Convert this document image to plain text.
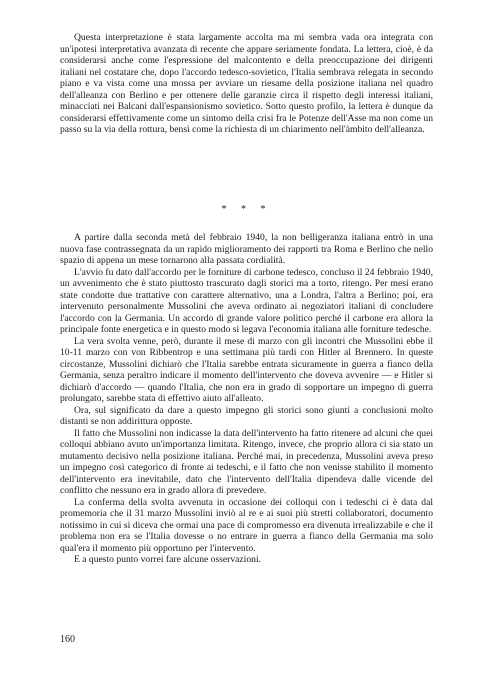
Questa interpretazione è stata largamente accolta ma mi sembra vada ora integrata con un'ipotesi interpretativa avanzata di recente che appare seriamente fondata. La lettera, cioè, è da considerarsi anche come l'espressione del malcontento e della preoccupazione dei dirigenti italiani nel costatare che, dopo l'accordo tedesco-sovietico, l'Italia sembrava relegata in secondo piano e va vista come una mossa per avviare un riesame della posizione italiana nel quadro dell'alleanza con Berlino e per ottenere delle garanzie circa il rispetto degli interessi italiani, minacciati nei Balcani dall'espansionismo sovietico. Sotto questo profilo, la lettera è dunque da considerarsi effettivamente come un sintomo della crisi fra le Potenze dell'Asse ma non come un passo su la via della rottura, bensì come la richiesta di un chiarimento nell'àmbito dell'alleanza.

* * *

A partire dalla seconda metà del febbraio 1940, la non belligeranza italiana entrò in una nuova fase contrassegnata da un rapido miglioramento dei rapporti tra Roma e Berlino che nello spazio di appena un mese tornarono alla passata cordialità.

L'avvio fu dato dall'accordo per le forniture di carbone tedesco, concluso il 24 febbraio 1940, un avvenimento che è stato piuttosto trascurato dagli storici ma a torto, ritengo. Per mesi erano state condotte due trattative con carattere alternativo, una a Londra, l'altra a Berlino; poi, era intervenuto personalmente Mussolini che aveva ordinato ai negoziatori italiani di concludere l'accordo con la Germania. Un accordo di grande valore politico perché il carbone era allora la principale fonte energetica e in questo modo si legava l'economia italiana alle forniture tedesche.

La vera svolta venne, però, durante il mese di marzo con gli incontri che Mussolini ebbe il 10-11 marzo con von Ribbentrop e una settimana più tardi con Hitler al Brennero. In queste circostanze, Mussolini dichiarò che l'Italia sarebbe entrata sicuramente in guerra a fianco della Germania, senza peraltro indicare il momento dell'intervento che doveva avvenire — e Hitler si dichiarò d'accordo — quando l'Italia, che non era in grado di sopportare un impegno di guerra prolungato, sarebbe stata di effettivo aiuto all'alleato.

Ora, sul significato da dare a questo impegno gli storici sono giunti a conclusioni molto distanti se non addirittura opposte.

Il fatto che Mussolini non indicasse la data dell'intervento ha fatto ritenere ad alcuni che quei colloqui abbiano avuto un'importanza limitata. Ritengo, invece, che proprio allora ci sia stato un mutamento decisivo nella posizione italiana. Perché mai, in precedenza, Mussolini aveva preso un impegno così categorico di fronte ai tedeschi, e il fatto che non venisse stabilito il momento dell'intervento era inevitabile, dato che l'intervento dell'Italia dipendeva dalle vicende del conflitto che nessuno era in grado allora di prevedere.

La conferma della svolta avvenuta in occasione dei colloqui con i tedeschi ci è data dal promemoria che il 31 marzo Mussolini inviò al re e ai suoi più stretti collaboratori, documento notissimo in cui si diceva che ormai una pace di compromesso era divenuta irrealizzabile e che il problema non era se l'Italia dovesse o no entrare in guerra a fianco della Germania ma solo qual'era il momento più opportuno per l'intervento.

E a questo punto vorrei fare alcune osservazioni.

160
